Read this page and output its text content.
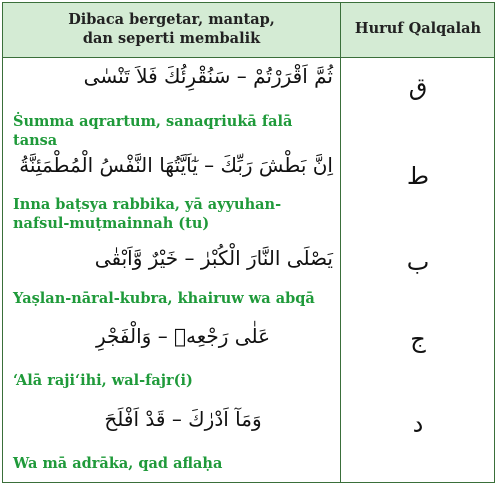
Dibaca bergetar, mantap,
dan seperti membalik
Huruf Qalqalah
ثُمَّ اَقْرَرْتُمْ – سَنُقْرِئُكَ فَلاَ تَنْسٰى
Ṡumma aqrartum, sanaqriukā falā tansa
ق
اِنَّ بَطْشَ رَبِّكَ – يٰٓاَيَّتُهَا النَّفْسُ الْمُطْمَئِنَّةُ
Inna baṭsya rabbika, yā ayyuhan-nafsul-muṭmainnah (tu)
ط
يَصْلَى النَّارَ الْكُبْرٰ – خَيْرٌ وَّاَبْقٰى
Yaṣlan-nāral-kubra, khairuw wa abqā
ب
عَلٰى رَجْعِهٖ – وَالْفَجْرِ
‘Alā raji‘ihi, wal-fajr(i)
ج
وَمَآ اَدْرٰكَ – قَدْ اَفْلَحَ
Wa mā adrāka, qad aflaḥa
د
